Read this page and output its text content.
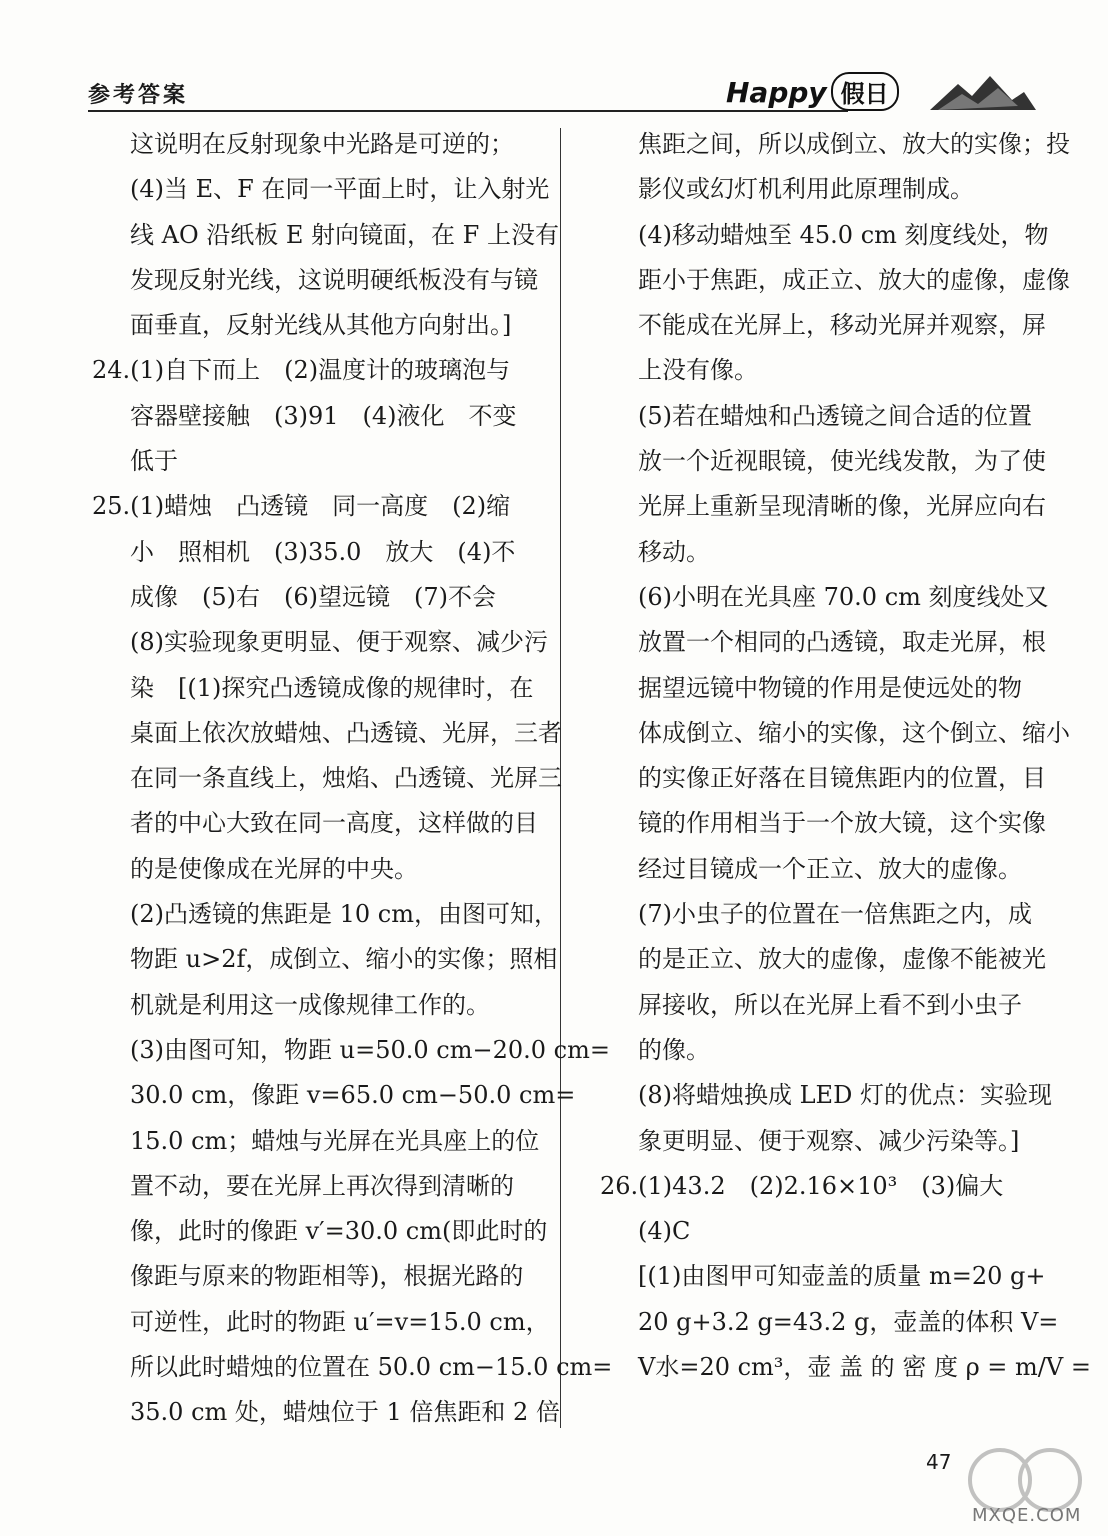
参考答案	Happy 假日
这说明在反射现象中光路是可逆的；
(4)当 E、F 在同一平面上时，让入射光
线 AO 沿纸板 E 射向镜面，在 F 上没有
发现反射光线，这说明硬纸板没有与镜
面垂直，反射光线从其他方向射出。]
24.(1)自下而上　(2)温度计的玻璃泡与
容器壁接触　(3)91　(4)液化　不变
低于
25.(1)蜡烛　凸透镜　同一高度　(2)缩
小　照相机　(3)35.0　放大　(4)不
成像　(5)右　(6)望远镜　(7)不会
(8)实验现象更明显、便于观察、减少污
染　[(1)探究凸透镜成像的规律时，在
桌面上依次放蜡烛、凸透镜、光屏，三者
在同一条直线上，烛焰、凸透镜、光屏三
者的中心大致在同一高度，这样做的目
的是使像成在光屏的中央。
(2)凸透镜的焦距是 10 cm，由图可知，
物距 u>2f，成倒立、缩小的实像；照相
机就是利用这一成像规律工作的。
(3)由图可知，物距 u=50.0 cm−20.0 cm=
30.0 cm，像距 v=65.0 cm−50.0 cm=
15.0 cm；蜡烛与光屏在光具座上的位
置不动，要在光屏上再次得到清晰的
像，此时的像距 v′=30.0 cm(即此时的
像距与原来的物距相等)，根据光路的
可逆性，此时的物距 u′=v=15.0 cm，
所以此时蜡烛的位置在 50.0 cm−15.0 cm=
35.0 cm 处，蜡烛位于 1 倍焦距和 2 倍
焦距之间，所以成倒立、放大的实像；投
影仪或幻灯机利用此原理制成。
(4)移动蜡烛至 45.0 cm 刻度线处，物
距小于焦距，成正立、放大的虚像，虚像
不能成在光屏上，移动光屏并观察，屏
上没有像。
(5)若在蜡烛和凸透镜之间合适的位置
放一个近视眼镜，使光线发散，为了使
光屏上重新呈现清晰的像，光屏应向右
移动。
(6)小明在光具座 70.0 cm 刻度线处又
放置一个相同的凸透镜，取走光屏，根
据望远镜中物镜的作用是使远处的物
体成倒立、缩小的实像，这个倒立、缩小
的实像正好落在目镜焦距内的位置，目
镜的作用相当于一个放大镜，这个实像
经过目镜成一个正立、放大的虚像。
(7)小虫子的位置在一倍焦距之内，成
的是正立、放大的虚像，虚像不能被光
屏接收，所以在光屏上看不到小虫子
的像。
(8)将蜡烛换成 LED 灯的优点：实验现
象更明显、便于观察、减少污染等。]
26.(1)43.2　(2)2.16×10³　(3)偏大
(4)C
[(1)由图甲可知壶盖的质量 m=20 g+
20 g+3.2 g=43.2 g，壶盖的体积 V=
V水=20 cm³，壶 盖 的 密 度 ρ = m/V =
47
MXQE.COM
